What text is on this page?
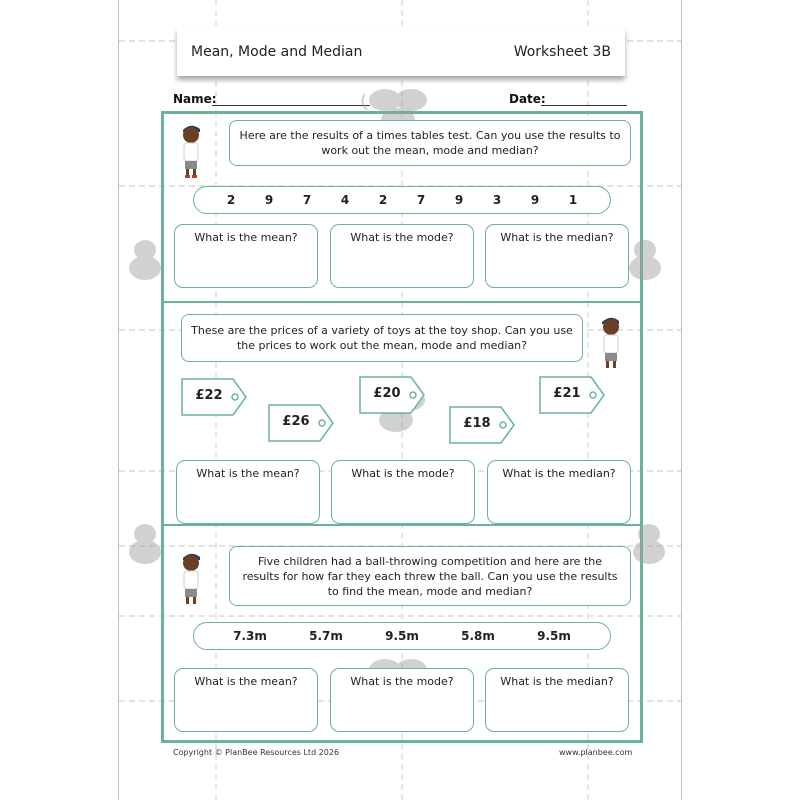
Mean, Mode and Median	Worksheet 3B
Name:	Date:
Here are the results of a times tables test. Can you use the results to work out the mean, mode and median?
2 9 7 4 2 7 9 3 9 1
What is the mean?	What is the mode?	What is the median?
These are the prices of a variety of toys at the toy shop. Can you use the prices to work out the mean, mode and median?
£22
£26
£20
£18
£21
What is the mean?	What is the mode?	What is the median?
Five children had a ball-throwing competition and here are the results for how far they each threw the ball. Can you use the results to find the mean, mode and median?
7.3m	5.7m	9.5m	5.8m	9.5m
What is the mean?	What is the mode?	What is the median?
Copyright © PlanBee Resources Ltd 2026	www.planbee.com
